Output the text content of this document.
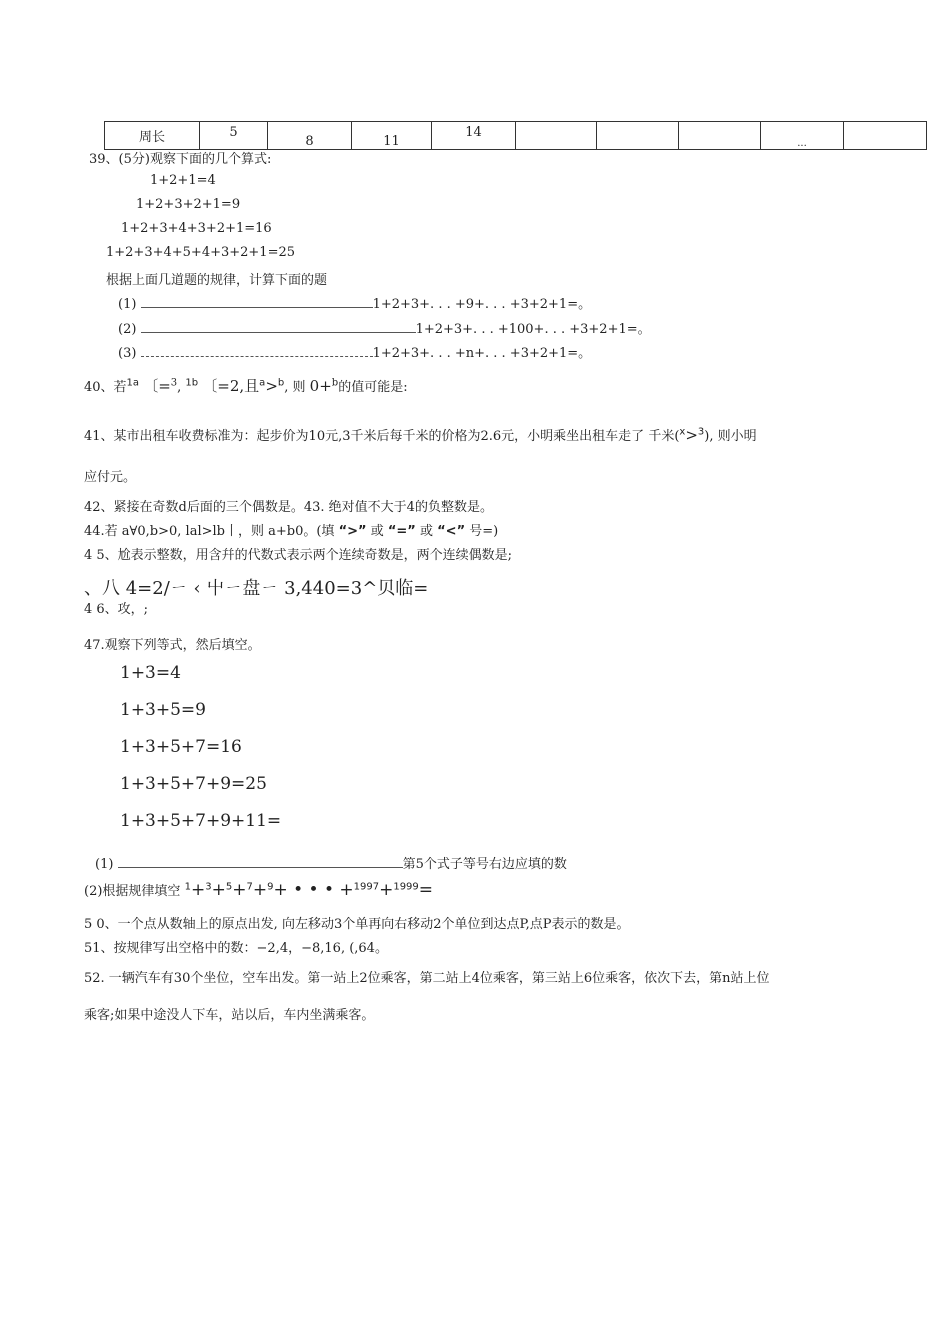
周长	5	8	11	14				...	
39、(5分)观察下面的几个算式:
1+2+1=4
1+2+3+2+1=9
1+2+3+4+3+2+1=16
1+2+3+4+5+4+3+2+1=25
根据上面几道题的规律，计算下面的题
(1)	1+2+3+. . . +9+. . . +3+2+1=。
(2)	1+2+3+. . . +100+. . . +3+2+1=。
(3)	1+2+3+. . . +n+. . . +3+2+1=。
40、若$^{1a}$ 〔=$^3$, $^{1b}$ 〔=2,且$^a$>$^b$, 则 0+$^b$的值可能是:
41、某市出租车收费标准为：起步价为10元,3千米后每千米的价格为2.6元，小明乘坐出租车走了 千米($^x$>$^3$), 则小明
应付元。
42、紧接在奇数d后面的三个偶数是。43. 绝对值不大于4的负整数是。
44.若 a∀0,b>0, lal>lb丨，则 a+b0。(填 “>” 或 “=” 或 “<” 号=)
4 5、尬表示整数，用含幷的代数式表示两个连续奇数是，两个连续偶数是;
、八 4=2/ㄧ ‹ 屮ㄧ盘ㄧ 3,440=3^贝临=
4 6、攻，;
47.观察下列等式，然后填空。
1+3=4
1+3+5=9
1+3+5+7=16
1+3+5+7+9=25
1+3+5+7+9+11=
(1)	第5个式子等号右边应填的数
(2)根据规律填空 $^1$+$^3$+$^5$+$^7$+$^9$+ • • • +$^{1997}$+$^{1999}$=
5 0、一个点从数轴上的原点出发, 向左移动3个单再向右移动2个单位到达点P,点P表示的数是。
51、按规律写出空格中的数：−2,4，−8,16, (,64。
52. 一辆汽车有30个坐位，空车出发。第一站上2位乘客，第二站上4位乘客，第三站上6位乘客，依次下去，第n站上位
乘客;如果中途没人下车，站以后，车内坐满乘客。
